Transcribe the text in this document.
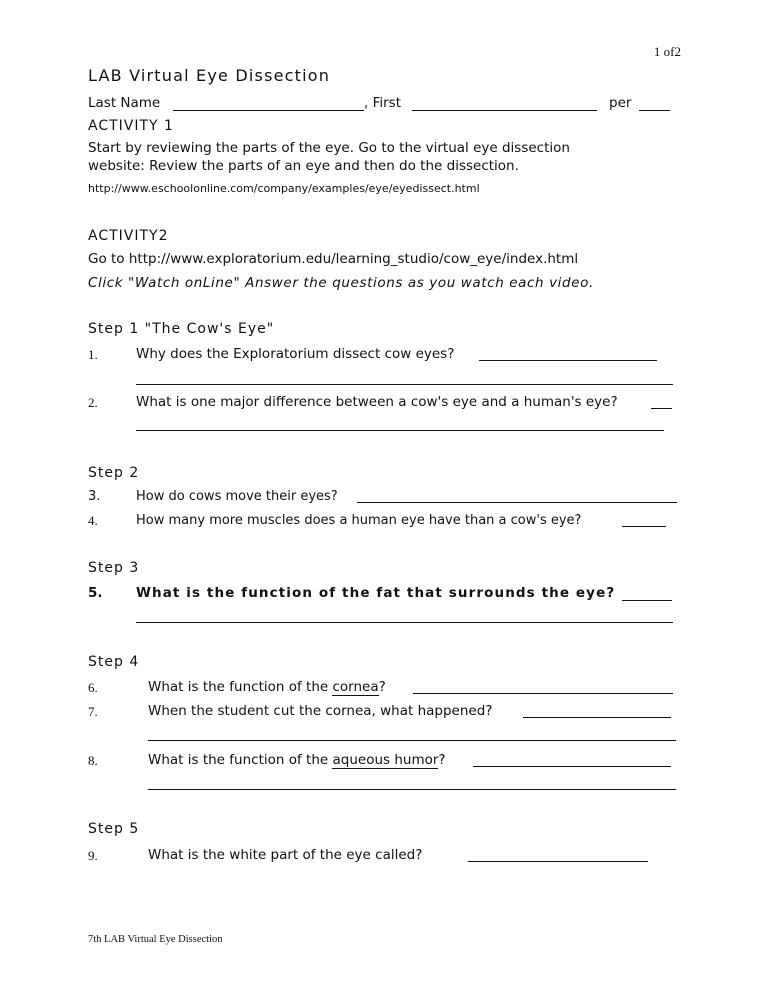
1 of2
LAB Virtual Eye Dissection
Last Name	, First	per
ACTIVITY 1
Start by reviewing the parts of the eye. Go to the virtual eye dissection
website: Review the parts of an eye and then do the dissection.
http://www.eschoolonline.com/company/examples/eye/eyedissect.html
ACTIVITY2
Go to http://www.exploratorium.edu/learning_studio/cow_eye/index.html
Click "Watch onLine" Answer the questions as you watch each video.
Step 1 "The Cow's Eye"
1.	Why does the Exploratorium dissect cow eyes?
2.	What is one major difference between a cow's eye and a human's eye?
Step 2
3.	How do cows move their eyes?
4.	How many more muscles does a human eye have than a cow's eye?
Step 3
5. What is the function of the fat that surrounds the eye?
Step 4
6.	What is the function of the cornea?
7.	When the student cut the cornea, what happened?
8.	What is the function of the aqueous humor?
Step 5
9.	What is the white part of the eye called?
7th LAB Virtual Eye Dissection
